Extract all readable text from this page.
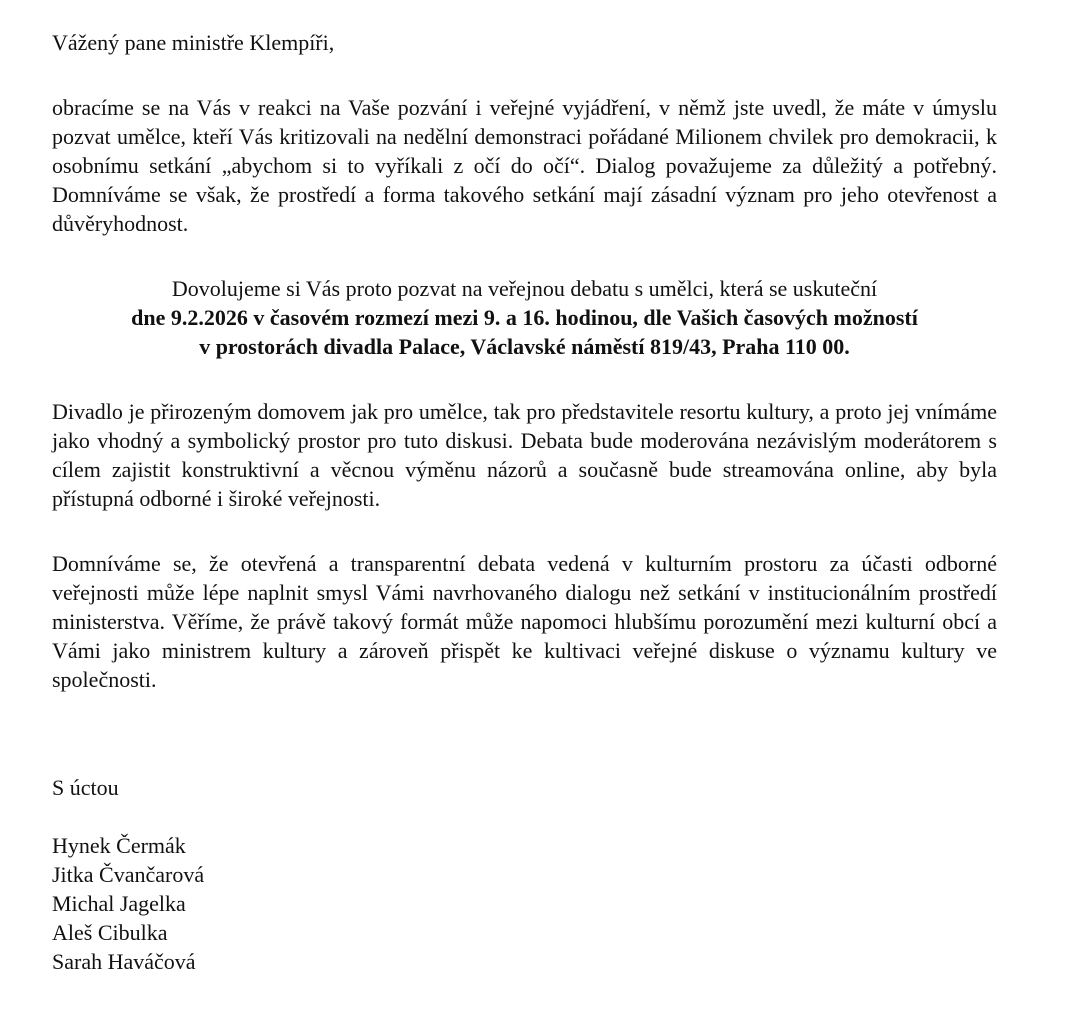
Vážený pane ministře Klempíři,

obracíme se na Vás v reakci na Vaše pozvání i veřejné vyjádření, v němž jste uvedl, že máte v úmyslu pozvat umělce, kteří Vás kritizovali na nedělní demonstraci pořádané Milionem chvilek pro demokracii, k osobnímu setkání „abychom si to vyříkali z očí do očí“. Dialog považujeme za důležitý a potřebný. Domníváme se však, že prostředí a forma takového setkání mají zásadní význam pro jeho otevřenost a důvěryhodnost.

Dovolujeme si Vás proto pozvat na veřejnou debatu s umělci, která se uskuteční
dne 9.2.2026 v časovém rozmezí mezi 9. a 16. hodinou, dle Vašich časových možností
v prostorách divadla Palace, Václavské náměstí 819/43, Praha 110 00.

Divadlo je přirozeným domovem jak pro umělce, tak pro představitele resortu kultury, a proto jej vnímáme jako vhodný a symbolický prostor pro tuto diskusi. Debata bude moderována nezávislým moderátorem s cílem zajistit konstruktivní a věcnou výměnu názorů a současně bude streamována online, aby byla přístupná odborné i široké veřejnosti.

Domníváme se, že otevřená a transparentní debata vedená v kulturním prostoru za účasti odborné veřejnosti může lépe naplnit smysl Vámi navrhovaného dialogu než setkání v institucionálním prostředí ministerstva. Věříme, že právě takový formát může napomoci hlubšímu porozumění mezi kulturní obcí a Vámi jako ministrem kultury a zároveň přispět ke kultivaci veřejné diskuse o významu kultury ve společnosti.

S úctou

Hynek Čermák
Jitka Čvančarová
Michal Jagelka
Aleš Cibulka
Sarah Haváčová
